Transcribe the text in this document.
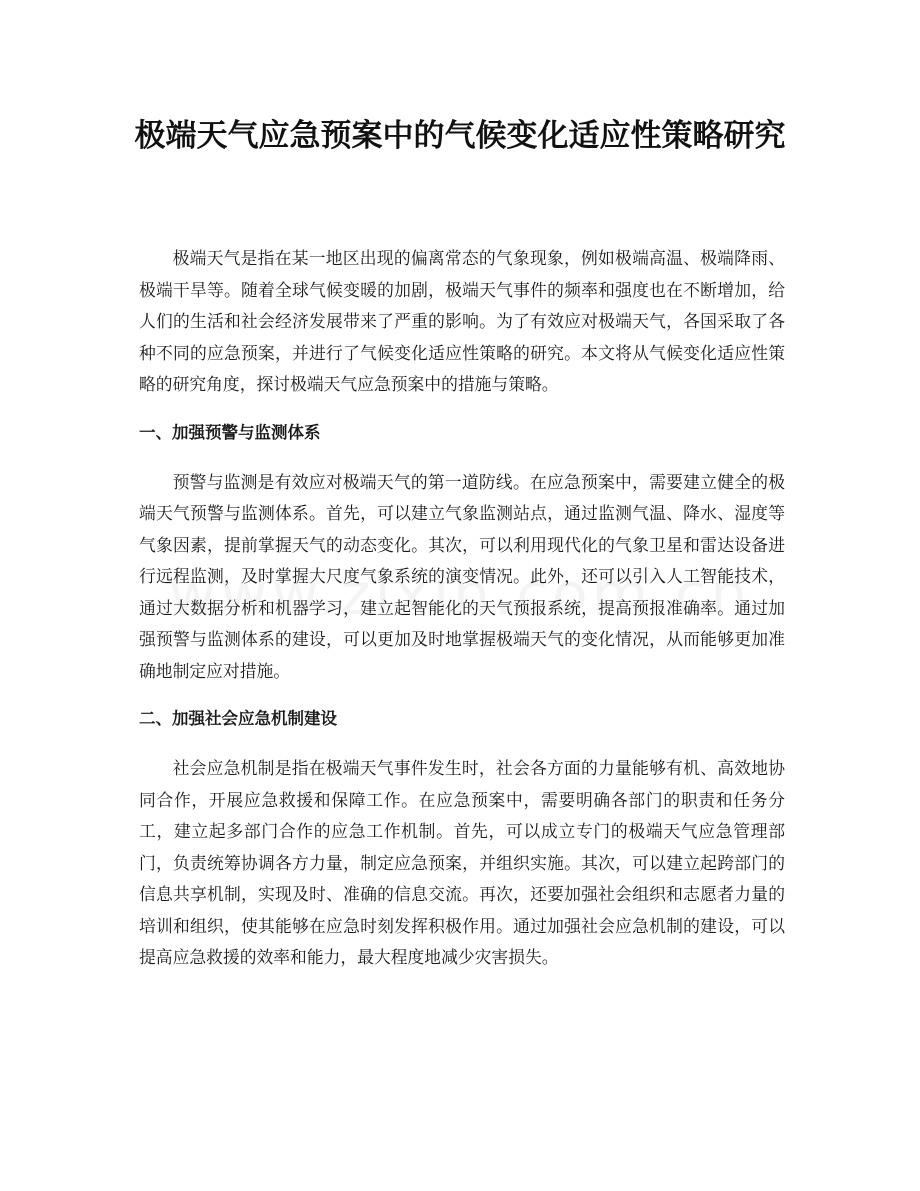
极端天气应急预案中的气候变化适应性策略研究

极端天气是指在某一地区出现的偏离常态的气象现象，例如极端高温、极端降雨、极端干旱等。随着全球气候变暖的加剧，极端天气事件的频率和强度也在不断增加，给人们的生活和社会经济发展带来了严重的影响。为了有效应对极端天气，各国采取了各种不同的应急预案，并进行了气候变化适应性策略的研究。本文将从气候变化适应性策略的研究角度，探讨极端天气应急预案中的措施与策略。

一、加强预警与监测体系

预警与监测是有效应对极端天气的第一道防线。在应急预案中，需要建立健全的极端天气预警与监测体系。首先，可以建立气象监测站点，通过监测气温、降水、湿度等气象因素，提前掌握天气的动态变化。其次，可以利用现代化的气象卫星和雷达设备进行远程监测，及时掌握大尺度气象系统的演变情况。此外，还可以引入人工智能技术，通过大数据分析和机器学习，建立起智能化的天气预报系统，提高预报准确率。通过加强预警与监测体系的建设，可以更加及时地掌握极端天气的变化情况，从而能够更加准确地制定应对措施。

二、加强社会应急机制建设

社会应急机制是指在极端天气事件发生时，社会各方面的力量能够有机、高效地协同合作，开展应急救援和保障工作。在应急预案中，需要明确各部门的职责和任务分工，建立起多部门合作的应急工作机制。首先，可以成立专门的极端天气应急管理部门，负责统筹协调各方力量，制定应急预案，并组织实施。其次，可以建立起跨部门的信息共享机制，实现及时、准确的信息交流。再次，还要加强社会组织和志愿者力量的培训和组织，使其能够在应急时刻发挥积极作用。通过加强社会应急机制的建设，可以提高应急救援的效率和能力，最大程度地减少灾害损失。
